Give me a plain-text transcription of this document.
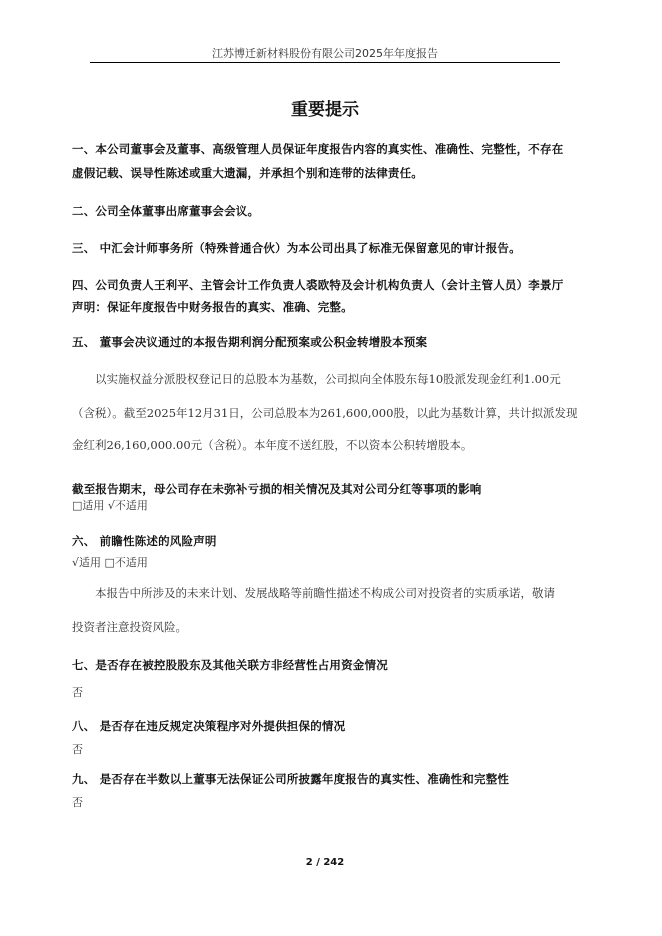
江苏博迁新材料股份有限公司2025年年度报告
重要提示
一、本公司董事会及董事、高级管理人员保证年度报告内容的真实性、准确性、完整性，不存在
虚假记载、误导性陈述或重大遗漏，并承担个别和连带的法律责任。
二、公司全体董事出席董事会会议。
三、 中汇会计师事务所（特殊普通合伙）为本公司出具了标准无保留意见的审计报告。
四、公司负责人王利平、主管会计工作负责人裘欧特及会计机构负责人（会计主管人员）李景厅
声明：保证年度报告中财务报告的真实、准确、完整。
五、 董事会决议通过的本报告期利润分配预案或公积金转增股本预案
以实施权益分派股权登记日的总股本为基数，公司拟向全体股东每10股派发现金红利1.00元
（含税）。截至2025年12月31日，公司总股本为261,600,000股，以此为基数计算，共计拟派发现
金红利26,160,000.00元（含税）。本年度不送红股，不以资本公积转增股本。
截至报告期末，母公司存在未弥补亏损的相关情况及其对公司分红等事项的影响
□适用 √不适用
六、 前瞻性陈述的风险声明
√适用 □不适用
本报告中所涉及的未来计划、发展战略等前瞻性描述不构成公司对投资者的实质承诺，敬请
投资者注意投资风险。
七、是否存在被控股股东及其他关联方非经营性占用资金情况
否
八、 是否存在违反规定决策程序对外提供担保的情况
否
九、 是否存在半数以上董事无法保证公司所披露年度报告的真实性、准确性和完整性
否
2 / 242
